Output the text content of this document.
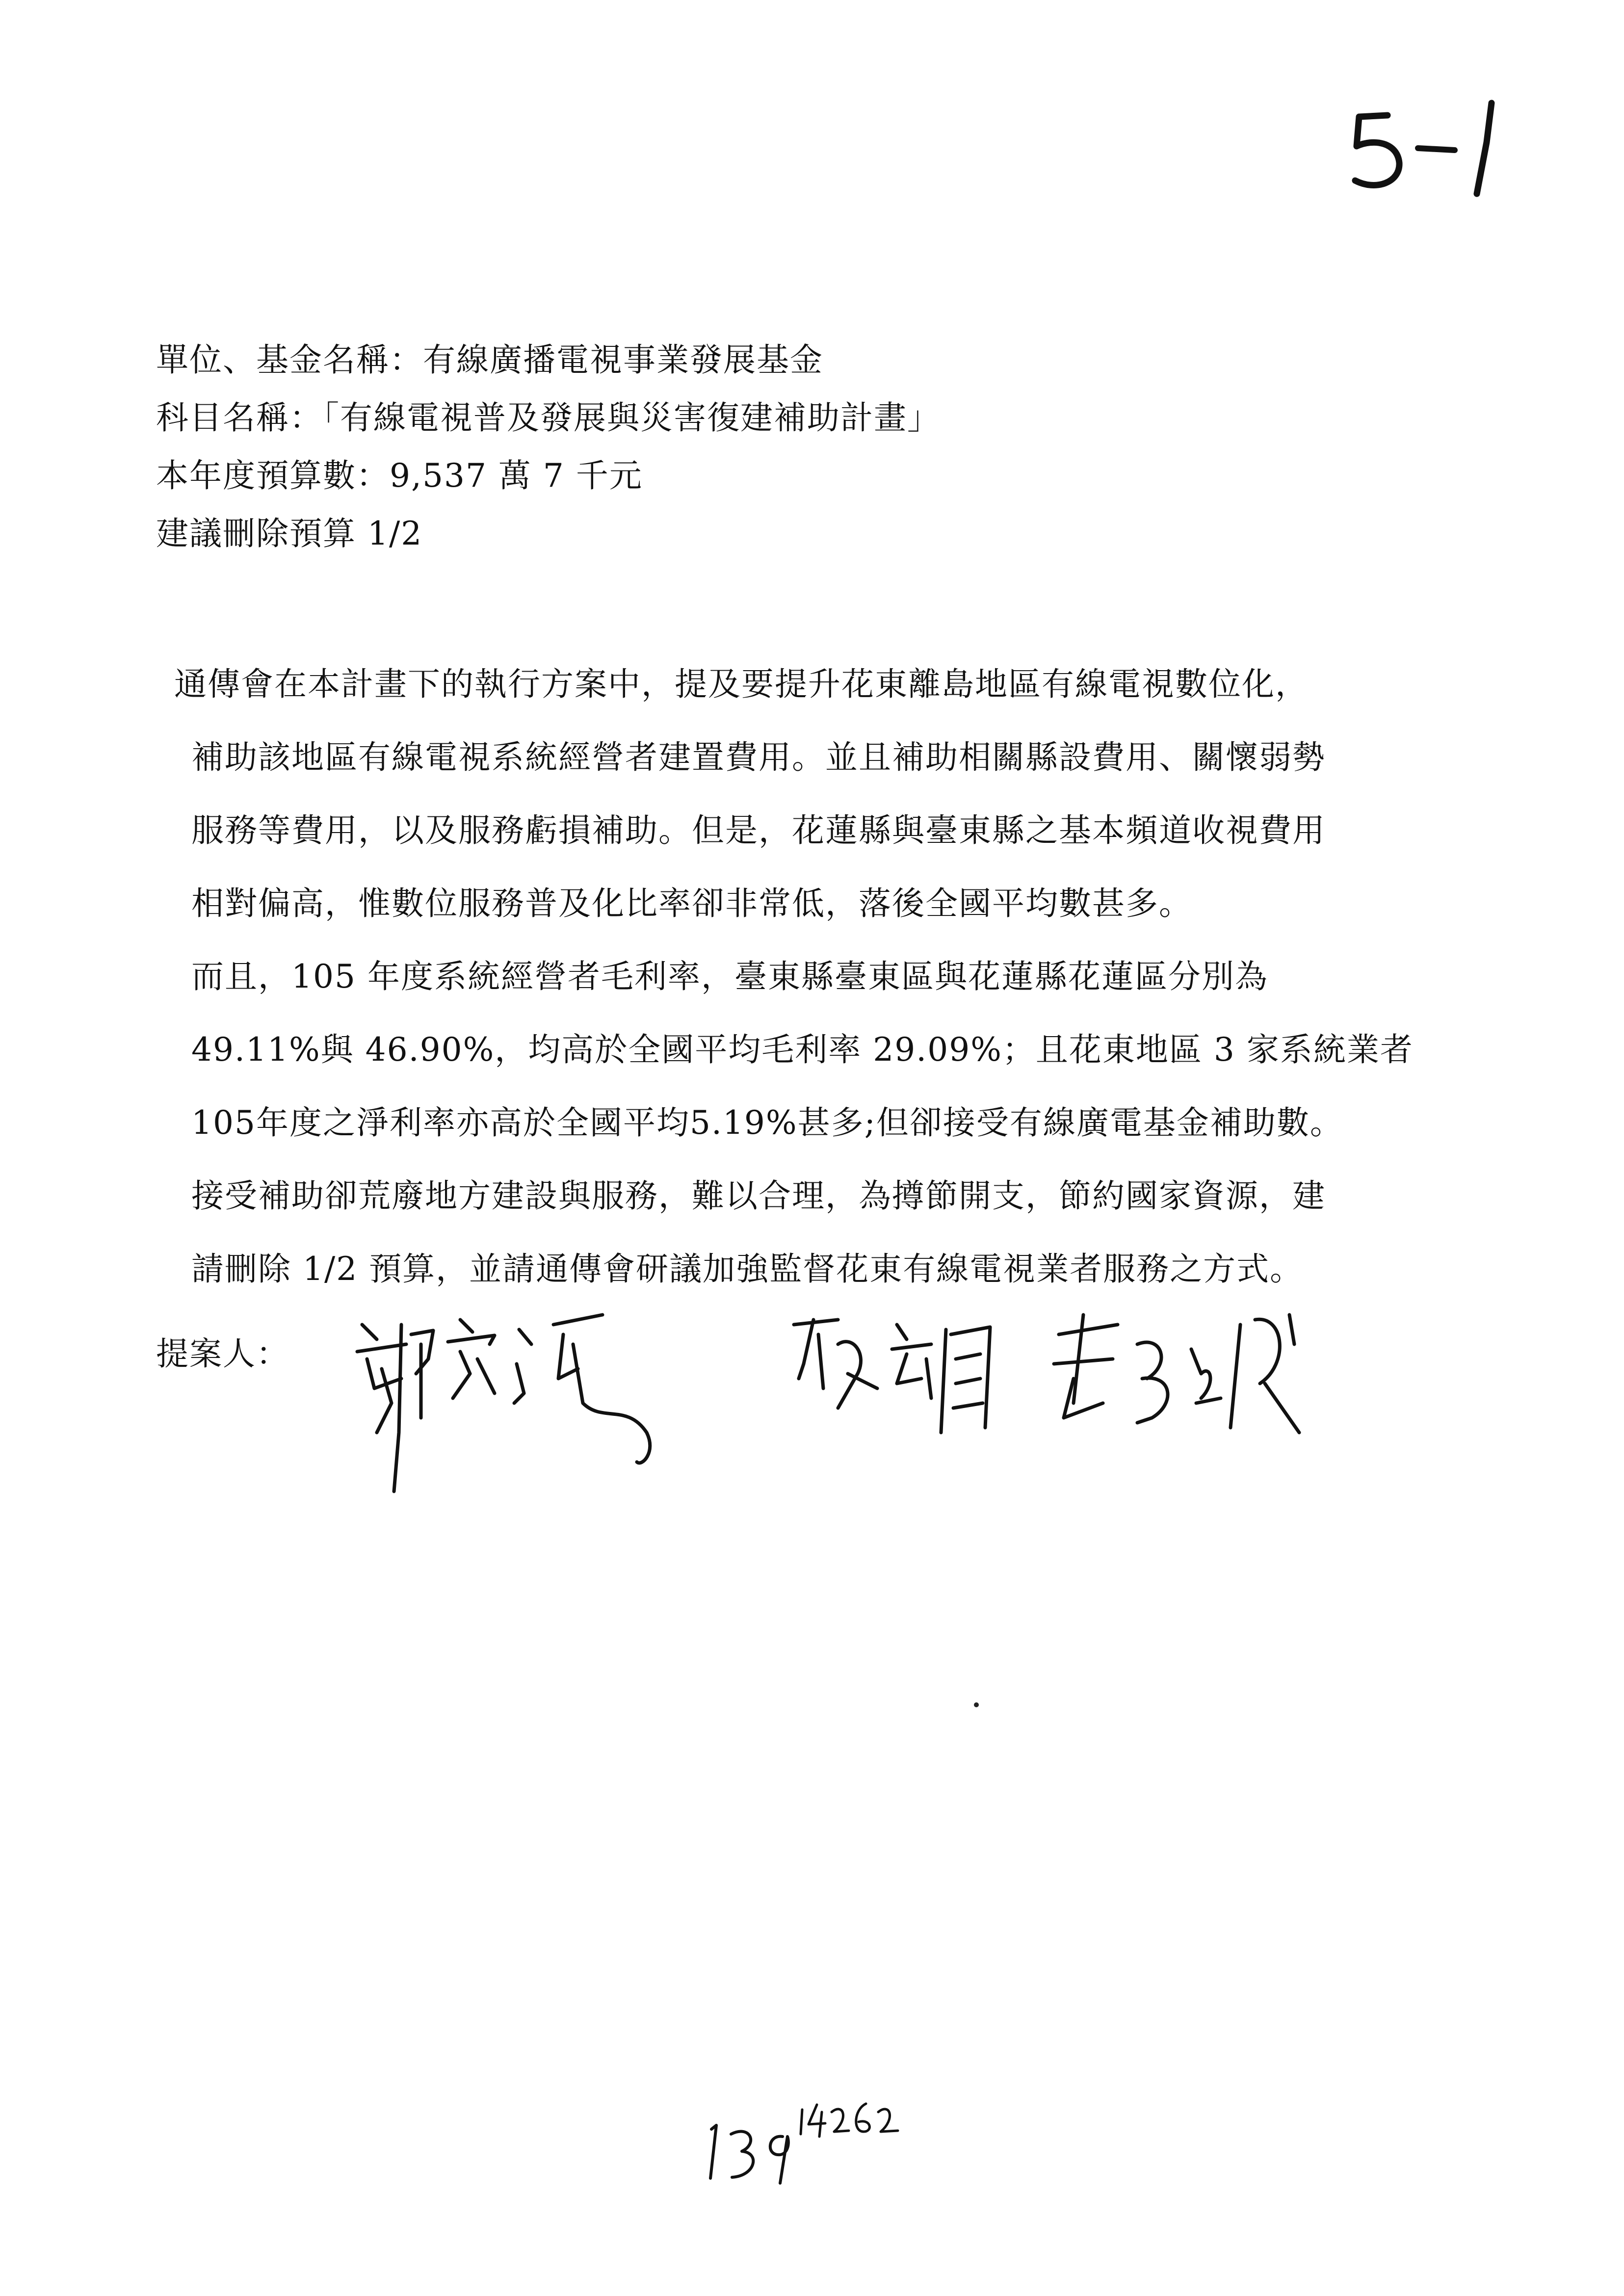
單位、基金名稱：有線廣播電視事業發展基金
科目名稱：「有線電視普及發展與災害復建補助計畫」
本年度預算數：9,537 萬 7 千元
建議刪除預算 1/2
通傳會在本計畫下的執行方案中，提及要提升花東離島地區有線電視數位化，
補助該地區有線電視系統經營者建置費用。並且補助相關縣設費用、關懷弱勢
服務等費用，以及服務虧損補助。但是，花蓮縣與臺東縣之基本頻道收視費用
相對偏高，惟數位服務普及化比率卻非常低，落後全國平均數甚多。
而且，105 年度系統經營者毛利率，臺東縣臺東區與花蓮縣花蓮區分別為
49.11%與 46.90%，均高於全國平均毛利率 29.09%；且花東地區 3 家系統業者
105年度之淨利率亦高於全國平均5.19%甚多;但卻接受有線廣電基金補助數。
接受補助卻荒廢地方建設與服務，難以合理，為撙節開支，節約國家資源，建
請刪除 1/2 預算，並請通傳會研議加強監督花東有線電視業者服務之方式。
提案人：
